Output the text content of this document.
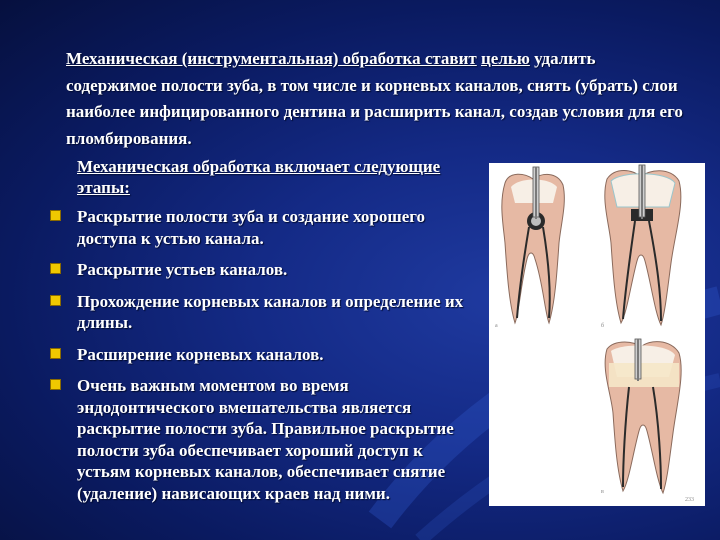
Механическая (инструментальная) обработка ставит целью удалить содержимое полости зуба, в том числе и корневых каналов, снять (убрать) слои наиболее инфицированного дентина и расширить канал, создав условия для его пломбирования.
Механическая обработка включает следующие этапы:
Раскрытие полости зуба и создание хорошего доступа к устью канала.
Раскрытие устьев каналов.
Прохождение корневых каналов и определение их длины.
Расширение корневых каналов.
Очень важным моментом во время эндодонтического вмешательства является раскрытие полости зуба. Правильное раскрытие полости зуба обеспечивает хороший доступ к устьям корневых каналов, обеспечивает снятие (удаление) нависающих краев над ними.
а	б
в
233
